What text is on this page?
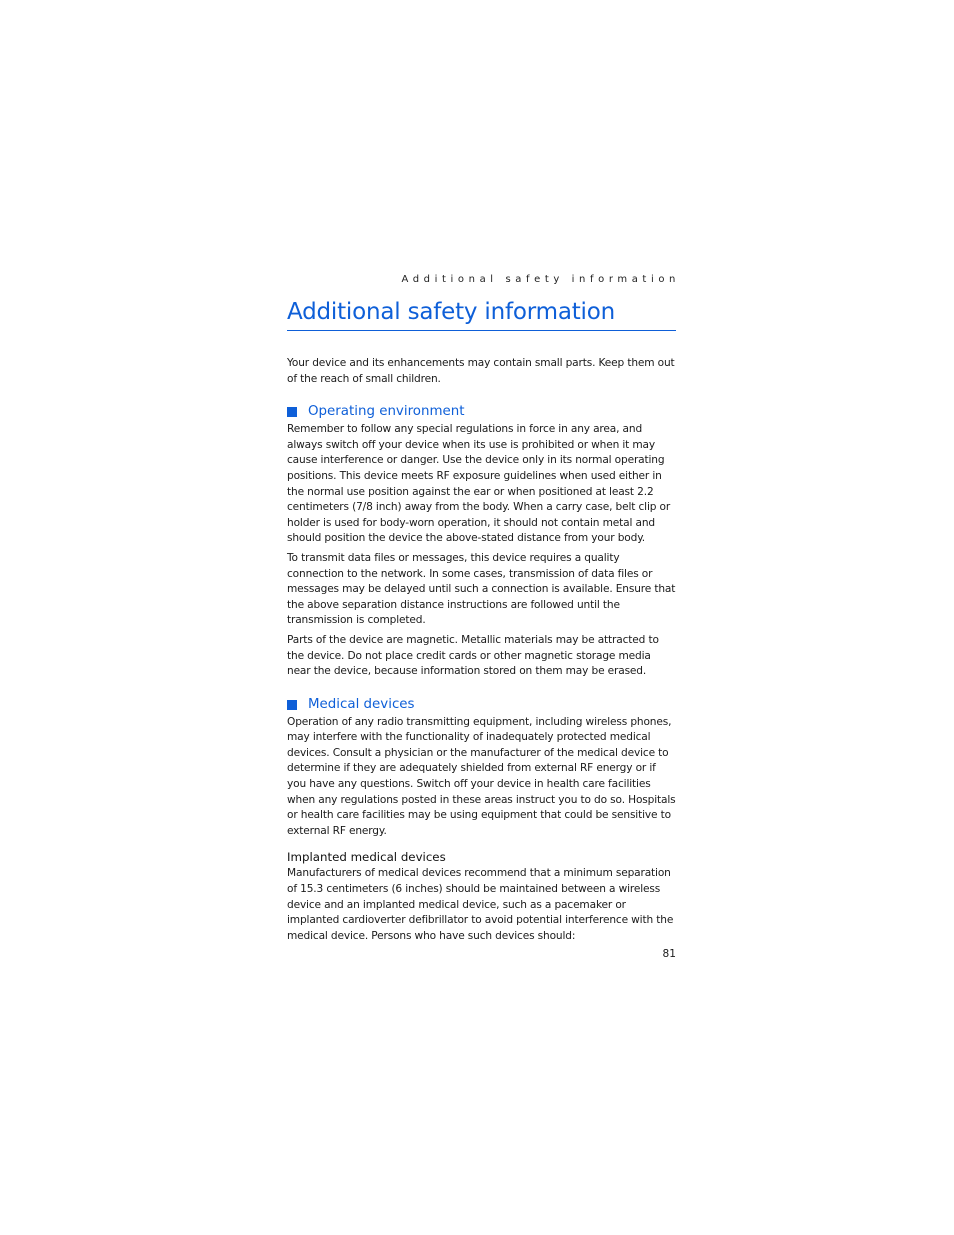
Additional safety information
Additional safety information

Your device and its enhancements may contain small parts. Keep them out of the reach of small children.

Operating environment

Remember to follow any special regulations in force in any area, and always switch off your device when its use is prohibited or when it may cause interference or danger. Use the device only in its normal operating positions. This device meets RF exposure guidelines when used either in the normal use position against the ear or when positioned at least 2.2 centimeters (7/8 inch) away from the body. When a carry case, belt clip or holder is used for body-worn operation, it should not contain metal and should position the device the above-stated distance from your body.

To transmit data files or messages, this device requires a quality connection to the network. In some cases, transmission of data files or messages may be delayed until such a connection is available. Ensure that the above separation distance instructions are followed until the transmission is completed.

Parts of the device are magnetic. Metallic materials may be attracted to the device. Do not place credit cards or other magnetic storage media near the device, because information stored on them may be erased.

Medical devices

Operation of any radio transmitting equipment, including wireless phones, may interfere with the functionality of inadequately protected medical devices. Consult a physician or the manufacturer of the medical device to determine if they are adequately shielded from external RF energy or if you have any questions. Switch off your device in health care facilities when any regulations posted in these areas instruct you to do so. Hospitals or health care facilities may be using equipment that could be sensitive to external RF energy.

Implanted medical devices

Manufacturers of medical devices recommend that a minimum separation of 15.3 centimeters (6 inches) should be maintained between a wireless device and an implanted medical device, such as a pacemaker or implanted cardioverter defibrillator to avoid potential interference with the medical device. Persons who have such devices should:

81
